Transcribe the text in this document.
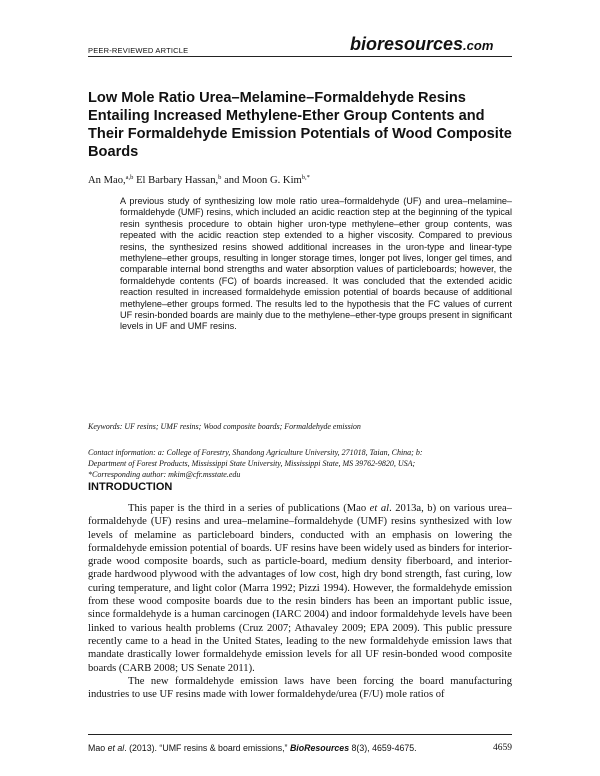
PEER-REVIEWED ARTICLE	bioresources.com
Low Mole Ratio Urea–Melamine–Formaldehyde Resins Entailing Increased Methylene-Ether Group Contents and Their Formaldehyde Emission Potentials of Wood Composite Boards
An Mao,$^{a,b}$ El Barbary Hassan,$^b$ and Moon G. Kim$^{b,*}$
A previous study of synthesizing low mole ratio urea–formaldehyde (UF) and urea–melamine–formaldehyde (UMF) resins, which included an acidic reaction step at the beginning of the typical resin synthesis procedure to obtain higher uron-type methylene–ether group contents, was repeated with the acidic reaction step extended to a higher viscosity. Compared to previous resins, the synthesized resins showed additional increases in the uron-type and linear-type methylene–ether groups, resulting in longer storage times, longer pot lives, longer gel times, and comparable internal bond strengths and water absorption values of particleboards; however, the formaldehyde contents (FC) of boards increased. It was concluded that the extended acidic reaction resulted in increased formaldehyde emission potential of boards because of additional methylene–ether groups formed. The results led to the hypothesis that the FC values of current UF resin-bonded boards are mainly due to the methylene–ether-type groups present in significant levels in UF and UMF resins.
Keywords: UF resins; UMF resins; Wood composite boards; Formaldehyde emission
Contact information: a: College of Forestry, Shandong Agriculture University, 271018, Taian, China; b:
Department of Forest Products, Mississippi State University, Mississippi State, MS 39762-9820, USA;
*Corresponding author: mkim@cfr.msstate.edu
INTRODUCTION

This paper is the third in a series of publications (Mao et al. 2013a, b) on various urea–formaldehyde (UF) resins and urea–melamine–formaldehyde (UMF) resins synthesized with low levels of melamine as particleboard binders, conducted with an emphasis on lowering the formaldehyde emission potential of boards. UF resins have been widely used as binders for interior-grade wood composite boards, such as particle-board, medium density fiberboard, and interior-grade hardwood plywood with the advantages of low cost, high dry bond strength, fast curing, low curing temperature, and light color (Marra 1992; Pizzi 1994). However, the formaldehyde emission from these wood composite boards due to the resin binders has been an important public issue, since formaldehyde is a human carcinogen (IARC 2004) and indoor formaldehyde levels have been linked to various health problems (Cruz 2007; Athavaley 2009; EPA 2009). This public pressure recently came to a head in the United States, leading to the new formaldehyde emission laws that mandate drastically lower formaldehyde emission levels for all UF resin-bonded wood composite boards (CARB 2008; US Senate 2011).

The new formaldehyde emission laws have been forcing the board manufacturing industries to use UF resins made with lower formaldehyde/urea (F/U) mole ratios of

Mao et al. (2013). “UMF resins & board emissions,” BioResources 8(3), 4659-4675.	4659
